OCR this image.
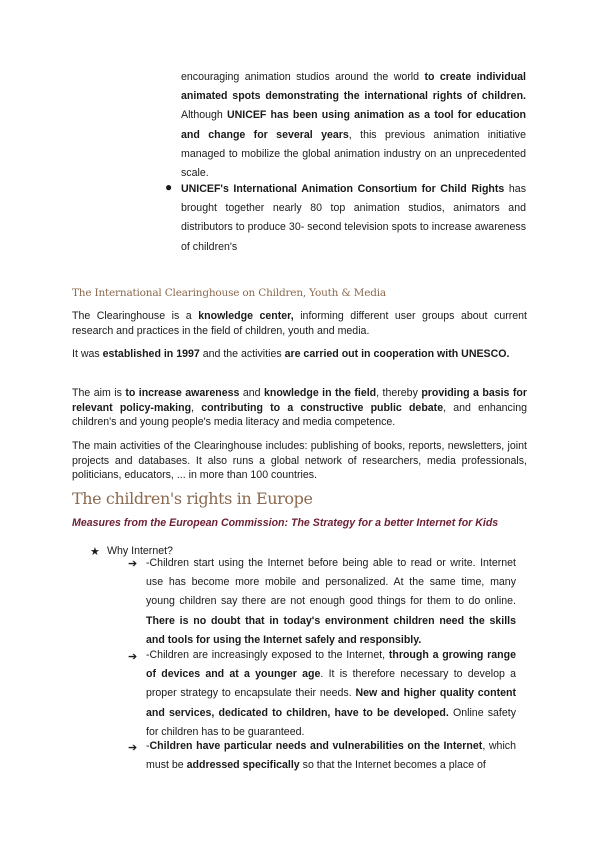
encouraging animation studios around the world to create individual animated spots demonstrating the international rights of children. Although UNICEF has been using animation as a tool for education and change for several years, this previous animation initiative managed to mobilize the global animation industry on an unprecedented scale.
● UNICEF's International Animation Consortium for Child Rights has brought together nearly 80 top animation studios, animators and distributors to produce 30- second television spots to increase awareness of children's
The International Clearinghouse on Children, Youth & Media
The Clearinghouse is a knowledge center, informing different user groups about current research and practices in the field of children, youth and media.
It was established in 1997 and the activities are carried out in cooperation with UNESCO.
The aim is to increase awareness and knowledge in the field, thereby providing a basis for relevant policy-making, contributing to a constructive public debate, and enhancing children's and young people's media literacy and media competence.
The main activities of the Clearinghouse includes: publishing of books, reports, newsletters, joint projects and databases. It also runs a global network of researchers, media professionals, politicians, educators, ... in more than 100 countries.
The children's rights in Europe
Measures from the European Commission: The Strategy for a better Internet for Kids
★ Why Internet?
➔ -Children start using the Internet before being able to read or write. Internet use has become more mobile and personalized. At the same time, many young children say there are not enough good things for them to do online. There is no doubt that in today's environment children need the skills and tools for using the Internet safely and responsibly.
➔ -Children are increasingly exposed to the Internet, through a growing range of devices and at a younger age. It is therefore necessary to develop a proper strategy to encapsulate their needs. New and higher quality content and services, dedicated to children, have to be developed. Online safety for children has to be guaranteed.
➔ -Children have particular needs and vulnerabilities on the Internet, which must be addressed specifically so that the Internet becomes a place of
